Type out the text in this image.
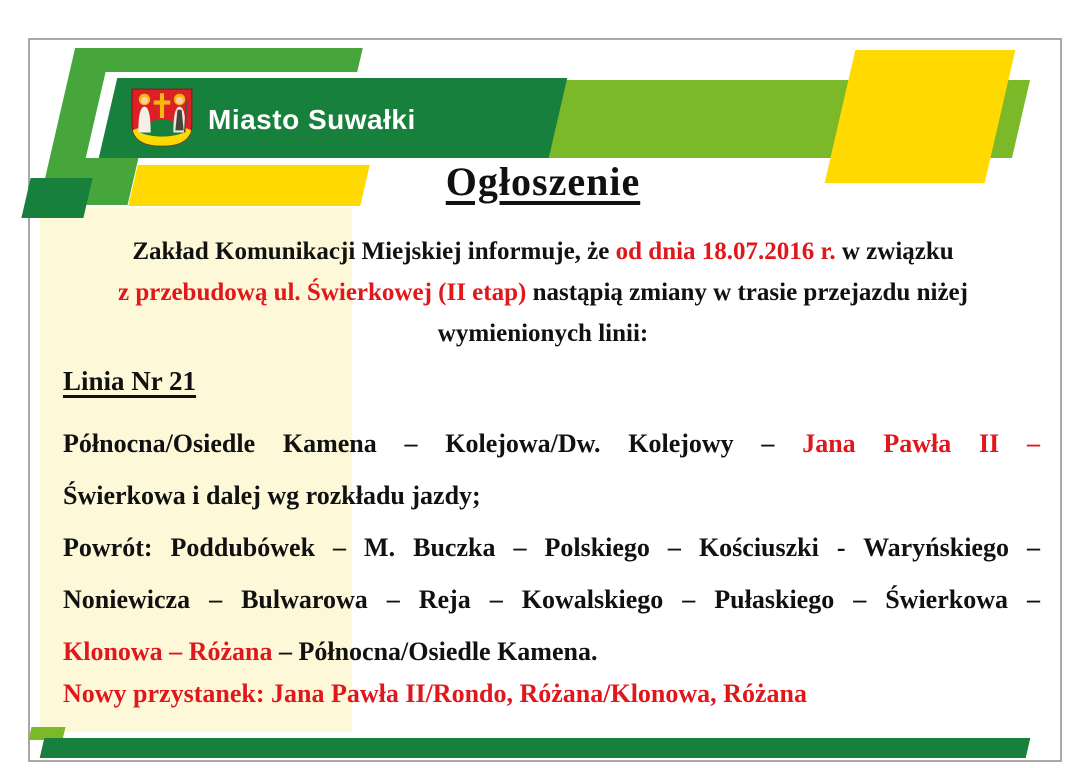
Miasto Suwałki
Ogłoszenie
Zakład Komunikacji Miejskiej informuje, że od dnia 18.07.2016 r. w związku
z przebudową ul. Świerkowej (II etap) nastąpią zmiany w trasie przejazdu niżej
wymienionych linii:
Linia Nr 21
Północna/Osiedle Kamena – Kolejowa/Dw. Kolejowy – Jana Pawła II –
Świerkowa i dalej wg rozkładu jazdy;
Powrót: Poddubówek – M. Buczka – Polskiego – Kościuszki - Waryńskiego –
Noniewicza – Bulwarowa – Reja – Kowalskiego – Pułaskiego – Świerkowa –
Klonowa – Różana – Północna/Osiedle Kamena.
Nowy przystanek: Jana Pawła II/Rondo, Różana/Klonowa, Różana
